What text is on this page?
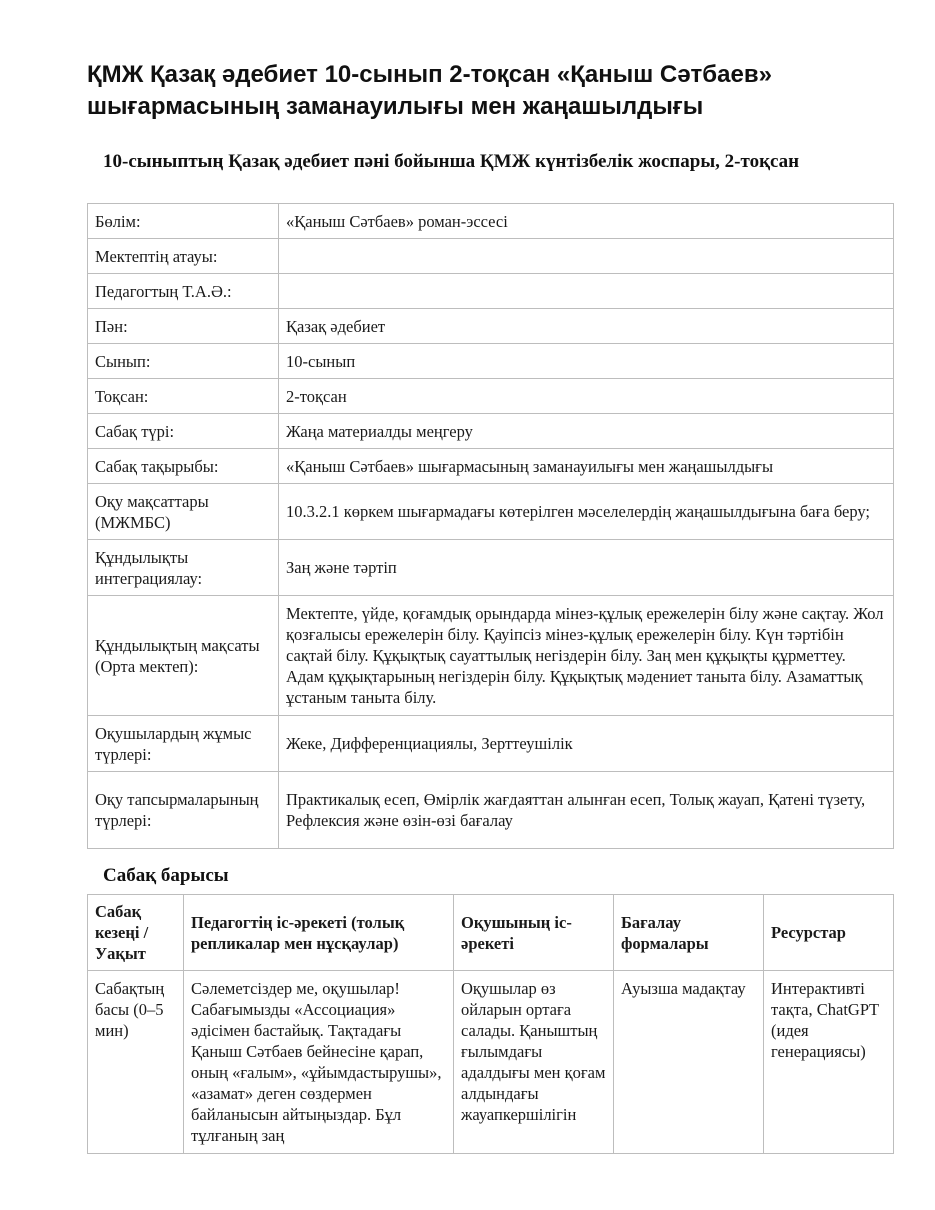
ҚМЖ Қазақ әдебиет 10-сынып 2-тоқсан «Қаныш Сәтбаев» шығармасының заманауилығы мен жаңашылдығы

10-сыныптың Қазақ әдебиет пәні бойынша ҚМЖ күнтізбелік жоспары, 2-тоқсан

Бөлім:	«Қаныш Сәтбаев» роман-эссесі
Мектептің атауы:	
Педагогтың Т.А.Ә.:	
Пән:	Қазақ әдебиет
Сынып:	10-сынып
Тоқсан:	2-тоқсан
Сабақ түрі:	Жаңа материалды меңгеру
Сабақ тақырыбы:	«Қаныш Сәтбаев» шығармасының заманауилығы мен жаңашылдығы
Оқу мақсаттары (МЖМБС)	10.3.2.1 көркем шығармадағы көтерілген мәселелердің жаңашылдығына баға беру;
Құндылықты интеграциялау:	Заң және тәртіп
Құндылықтың мақсаты (Орта мектеп):	Мектепте, үйде, қоғамдық орындарда мінез-құлық ережелерін білу және сақтау. Жол қозғалысы ережелерін білу. Қауіпсіз мінез-құлық ережелерін білу. Күн тәртібін сақтай білу. Құқықтық сауаттылық негіздерін білу. Заң мен құқықты құрметтеу. Адам құқықтарының негіздерін білу. Құқықтық мәдениет таныта білу. Азаматтық ұстаным таныта білу.
Оқушылардың жұмыс түрлері:	Жеке, Дифференциациялы, Зерттеушілік
Оқу тапсырмаларының түрлері:	Практикалық есеп, Өмірлік жағдаяттан алынған есеп, Толық жауап, Қатені түзету, Рефлексия және өзін-өзі бағалау

Сабақ барысы

Сабақ кезеңі / Уақыт	Педагогтің іс-әрекеті (толық репликалар мен нұсқаулар)	Оқушының іс-әрекеті	Бағалау формалары	Ресурстар
Сабақтың басы (0–5 мин)	Сәлеметсіздер ме, оқушылар! Сабағымызды «Ассоциация» әдісімен бастайық. Тақтадағы Қаныш Сәтбаев бейнесіне қарап, оның «ғалым», «ұйымдастырушы», «азамат» деген сөздермен байланысын айтыңыздар. Бұл тұлғаның заң	Оқушылар өз ойларын ортаға салады. Қаныштың ғылымдағы адалдығы мен қоғам алдындағы жауапкершілігін	Ауызша мадақтау	Интерактивті тақта, ChatGPT (идея генерациясы)
